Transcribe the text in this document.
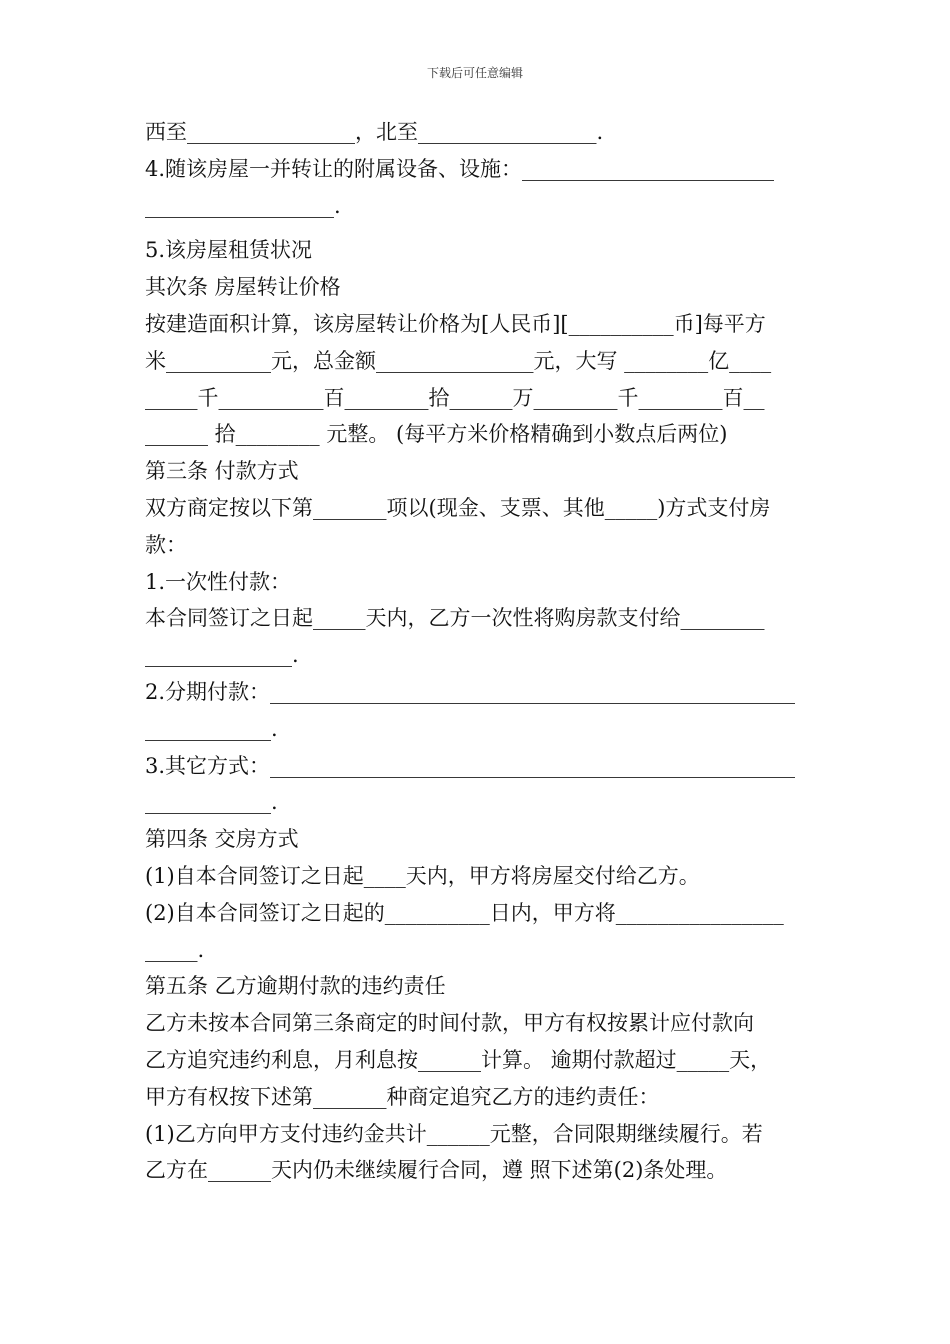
下载后可任意编辑
西至________________，北至_________________.
4.随该房屋一并转让的附属设备、设施：________________________
__________________.
5.该房屋租赁状况
其次条 房屋转让价格
按建造面积计算，该房屋转让价格为[人民币][__________币]每平方
米__________元，总金额_______________元，大写 ________亿____
_____千__________百________拾______万________千________百__
______ 拾________ 元整。 (每平方米价格精确到小数点后两位)
第三条 付款方式
双方商定按以下第_______项以(现金、支票、其他_____)方式支付房
款：
1.一次性付款：
本合同签订之日起_____天内，乙方一次性将购房款支付给________
______________.
2.分期付款：__________________________________________________
____________.
3.其它方式：__________________________________________________
____________.
第四条 交房方式
(1)自本合同签订之日起____天内，甲方将房屋交付给乙方。
(2)自本合同签订之日起的__________日内，甲方将________________
_____.
第五条 乙方逾期付款的违约责任
乙方未按本合同第三条商定的时间付款，甲方有权按累计应付款向
乙方追究违约利息，月利息按______计算。 逾期付款超过_____天，
甲方有权按下述第_______种商定追究乙方的违约责任：
(1)乙方向甲方支付违约金共计______元整，合同限期继续履行。若
乙方在______天内仍未继续履行合同，遵 照下述第(2)条处理。
